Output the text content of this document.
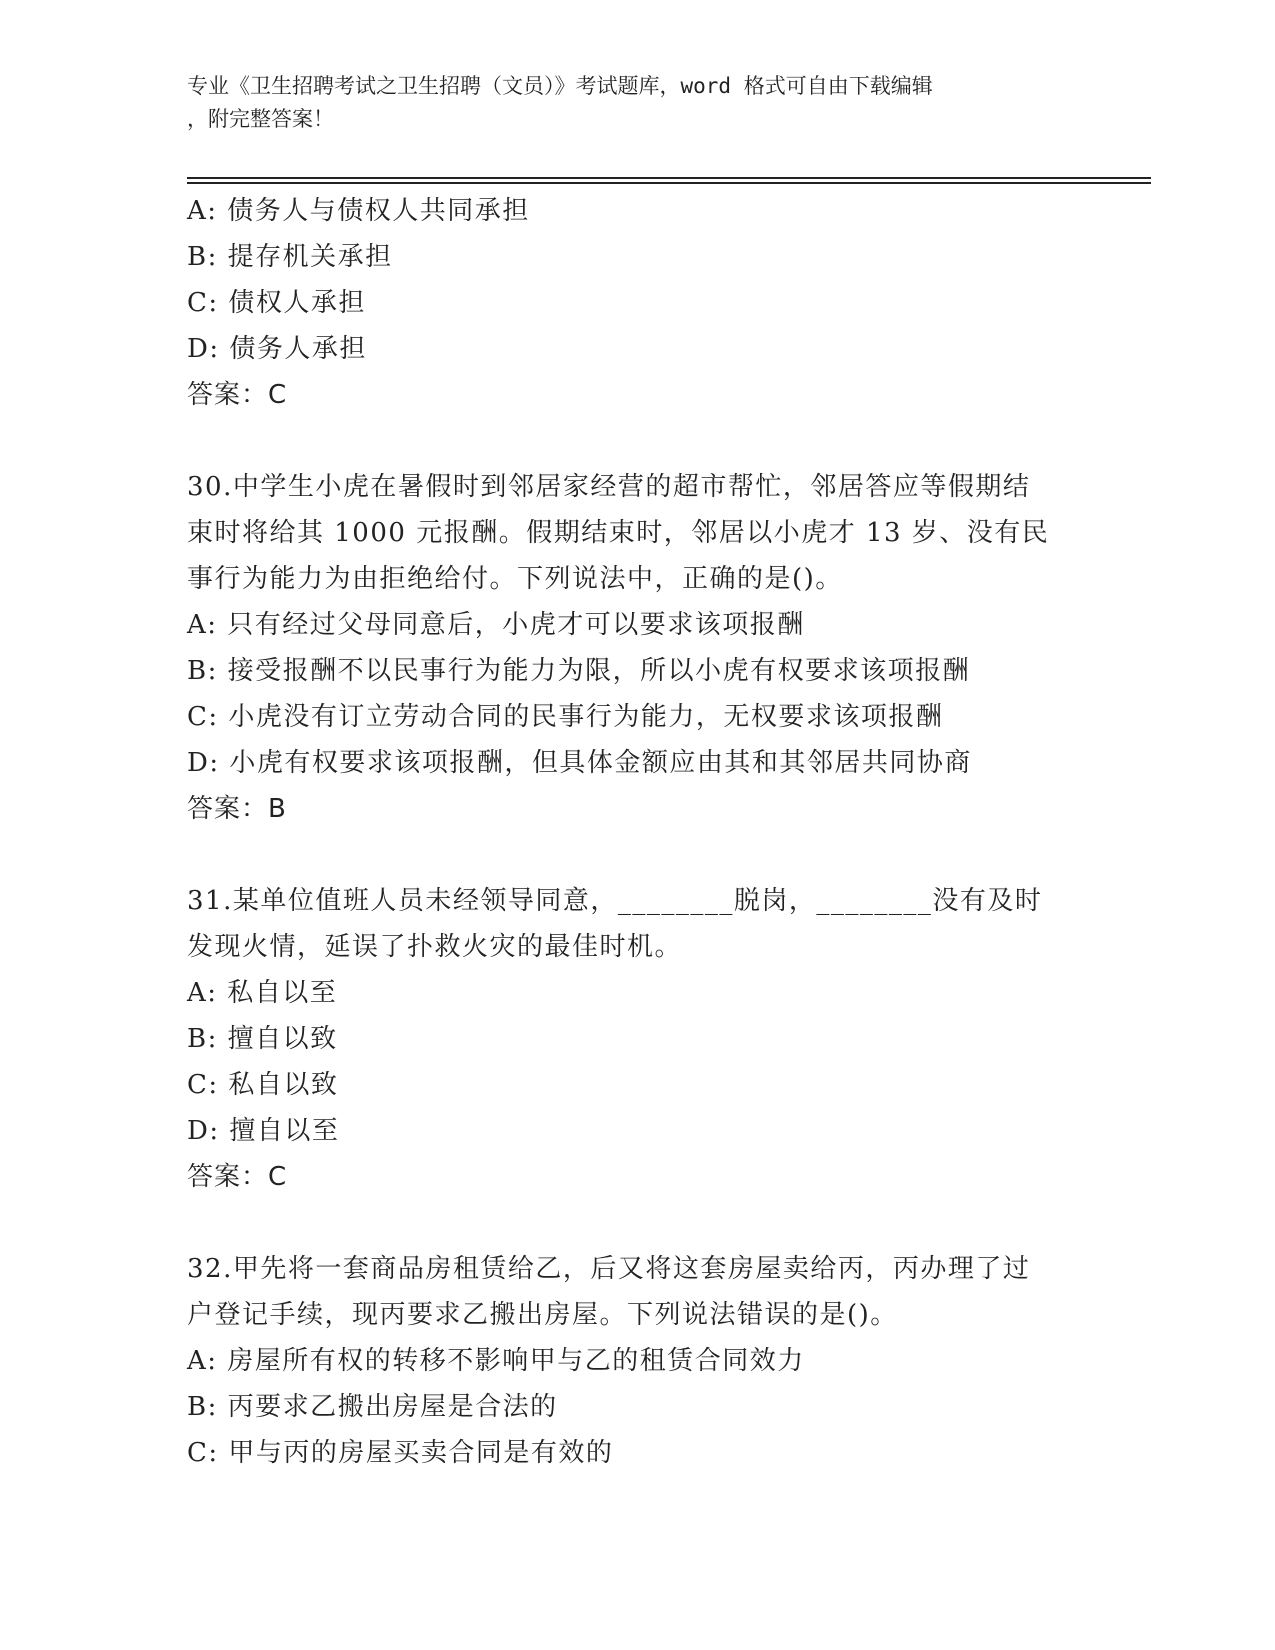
专业《卫生招聘考试之卫生招聘（文员）》考试题库，word 格式可自由下载编辑
，附完整答案！
A: 债务人与债权人共同承担
B: 提存机关承担
C: 债权人承担
D: 债务人承担
答案：C
30.中学生小虎在暑假时到邻居家经营的超市帮忙，邻居答应等假期结
束时将给其 1000 元报酬。假期结束时，邻居以小虎才 13 岁、没有民
事行为能力为由拒绝给付。下列说法中，正确的是()。
A: 只有经过父母同意后，小虎才可以要求该项报酬
B: 接受报酬不以民事行为能力为限，所以小虎有权要求该项报酬
C: 小虎没有订立劳动合同的民事行为能力，无权要求该项报酬
D: 小虎有权要求该项报酬，但具体金额应由其和其邻居共同协商
答案：B
31.某单位值班人员未经领导同意，________脱岗，________没有及时
发现火情，延误了扑救火灾的最佳时机。
A: 私自以至
B: 擅自以致
C: 私自以致
D: 擅自以至
答案：C
32.甲先将一套商品房租赁给乙，后又将这套房屋卖给丙，丙办理了过
户登记手续，现丙要求乙搬出房屋。下列说法错误的是()。
A: 房屋所有权的转移不影响甲与乙的租赁合同效力
B: 丙要求乙搬出房屋是合法的
C: 甲与丙的房屋买卖合同是有效的
